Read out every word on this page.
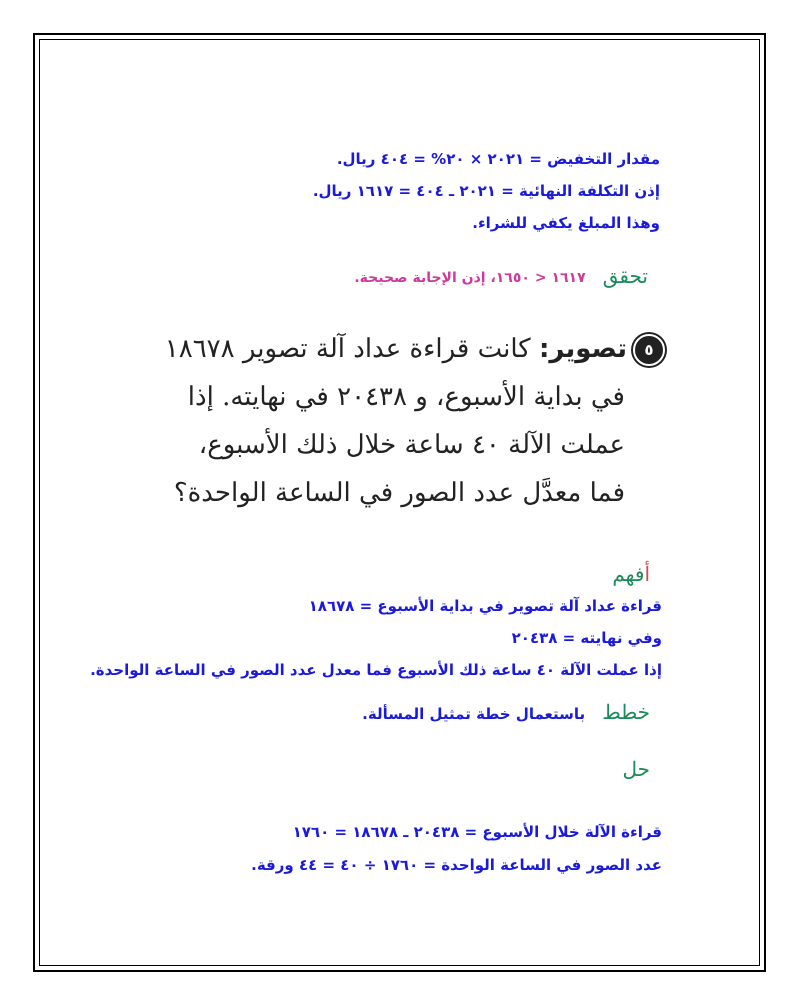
مقدار التخفيض = ٢٠٢١ × ٢٠% = ٤٠٤ ريال.
إذن التكلفة النهائية = ٢٠٢١ ـ ٤٠٤ = ١٦١٧ ريال.
وهذا المبلغ يكفي للشراء.
تحقق ١٦١٧ < ١٦٥٠، إذن الإجابة صحيحة.
٥تصوير: كانت قراءة عداد آلة تصوير ١٨٦٧٨
في بداية الأسبوع، و ٢٠٤٣٨ في نهايته. إذا
عملت الآلة ٤٠ ساعة خلال ذلك الأسبوع،
فما معدَّل عدد الصور في الساعة الواحدة؟
أفهم
قراءة عداد آلة تصوير في بداية الأسبوع = ١٨٦٧٨
وفي نهايته = ٢٠٤٣٨
إذا عملت الآلة ٤٠ ساعة ذلك الأسبوع فما معدل عدد الصور في الساعة الواحدة.
خطط باستعمال خطة تمثيل المسألة.
حل
قراءة الآلة خلال الأسبوع = ٢٠٤٣٨ ـ ١٨٦٧٨ = ١٧٦٠
عدد الصور في الساعة الواحدة = ١٧٦٠ ÷ ٤٠ = ٤٤ ورقة.
